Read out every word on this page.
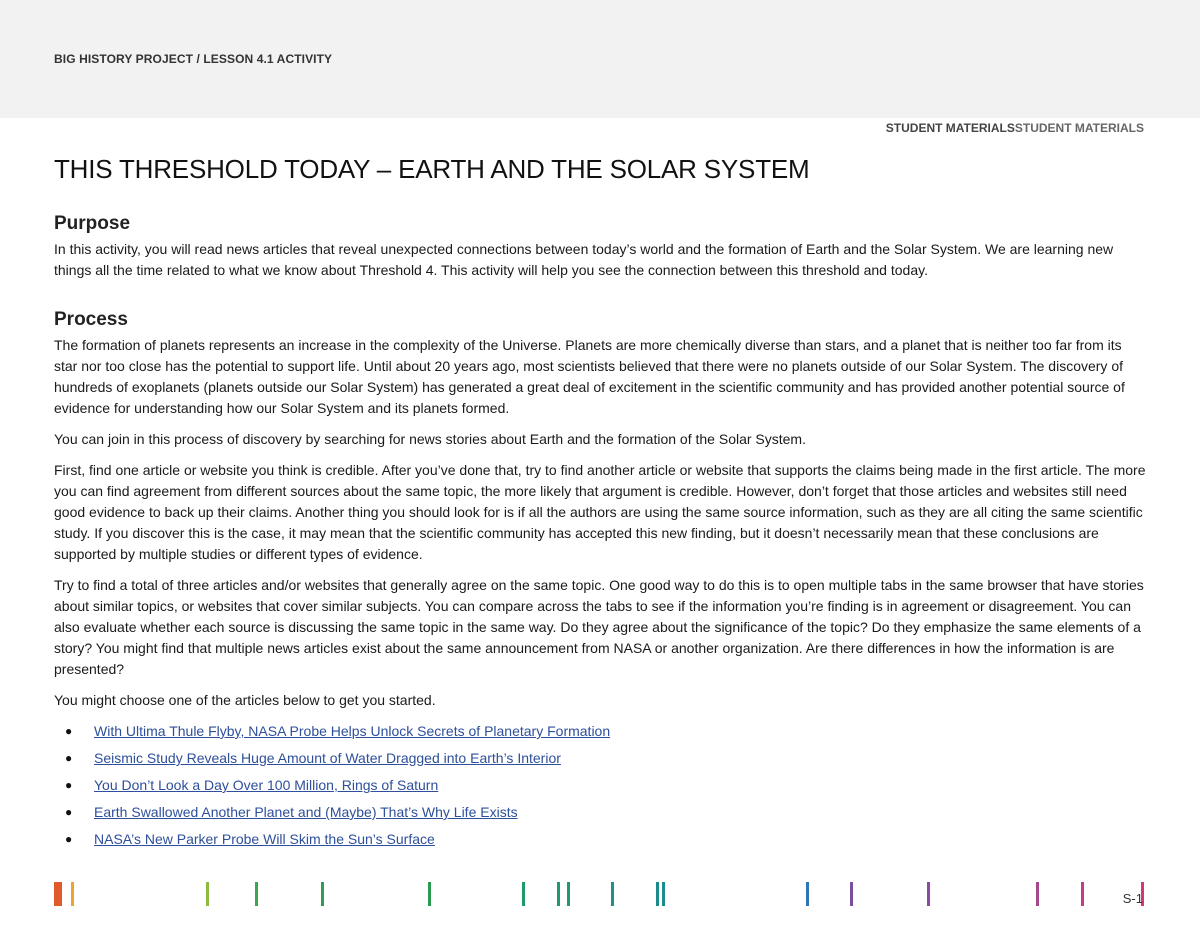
BIG HISTORY PROJECT / LESSON 4.1 ACTIVITY
STUDENT MATERIALSSTUDENT MATERIALS
THIS THRESHOLD TODAY – EARTH AND THE SOLAR SYSTEM
Purpose

In this activity, you will read news articles that reveal unexpected connections between today’s world and the formation of Earth and the Solar System. We are learning new things all the time related to what we know about Threshold 4. This activity will help you see the connection between this threshold and today.

Process

The formation of planets represents an increase in the complexity of the Universe. Planets are more chemically diverse than stars, and a planet that is neither too far from its star nor too close has the potential to support life. Until about 20 years ago, most scientists believed that there were no planets outside of our Solar System. The discovery of hundreds of exoplanets (planets outside our Solar System) has generated a great deal of excitement in the scientific community and has provided another potential source of evidence for understanding how our Solar System and its planets formed.

You can join in this process of discovery by searching for news stories about Earth and the formation of the Solar System.

First, find one article or website you think is credible. After you’ve done that, try to find another article or website that supports the claims being made in the first article. The more you can find agreement from different sources about the same topic, the more likely that argument is credible. However, don’t forget that those articles and websites still need good evidence to back up their claims. Another thing you should look for is if all the authors are using the same source information, such as they are all citing the same scientific study. If you discover this is the case, it may mean that the scientific community has accepted this new finding, but it doesn’t necessarily mean that these conclusions are supported by multiple studies or different types of evidence.

Try to find a total of three articles and/or websites that generally agree on the same topic. One good way to do this is to open multiple tabs in the same browser that have stories about similar topics, or websites that cover similar subjects. You can compare across the tabs to see if the information you’re finding is in agreement or disagreement. You can also evaluate whether each source is discussing the same topic in the same way. Do they agree about the significance of the topic? Do they emphasize the same elements of a story? You might find that multiple news articles exist about the same announcement from NASA or another organization. Are there differences in how the information is are presented?

You might choose one of the articles below to get you started.

● With Ultima Thule Flyby, NASA Probe Helps Unlock Secrets of Planetary Formation
● Seismic Study Reveals Huge Amount of Water Dragged into Earth’s Interior
● You Don’t Look a Day Over 100 Million, Rings of Saturn
● Earth Swallowed Another Planet and (Maybe) That’s Why Life Exists
● NASA’s New Parker Probe Will Skim the Sun’s Surface
S-1
